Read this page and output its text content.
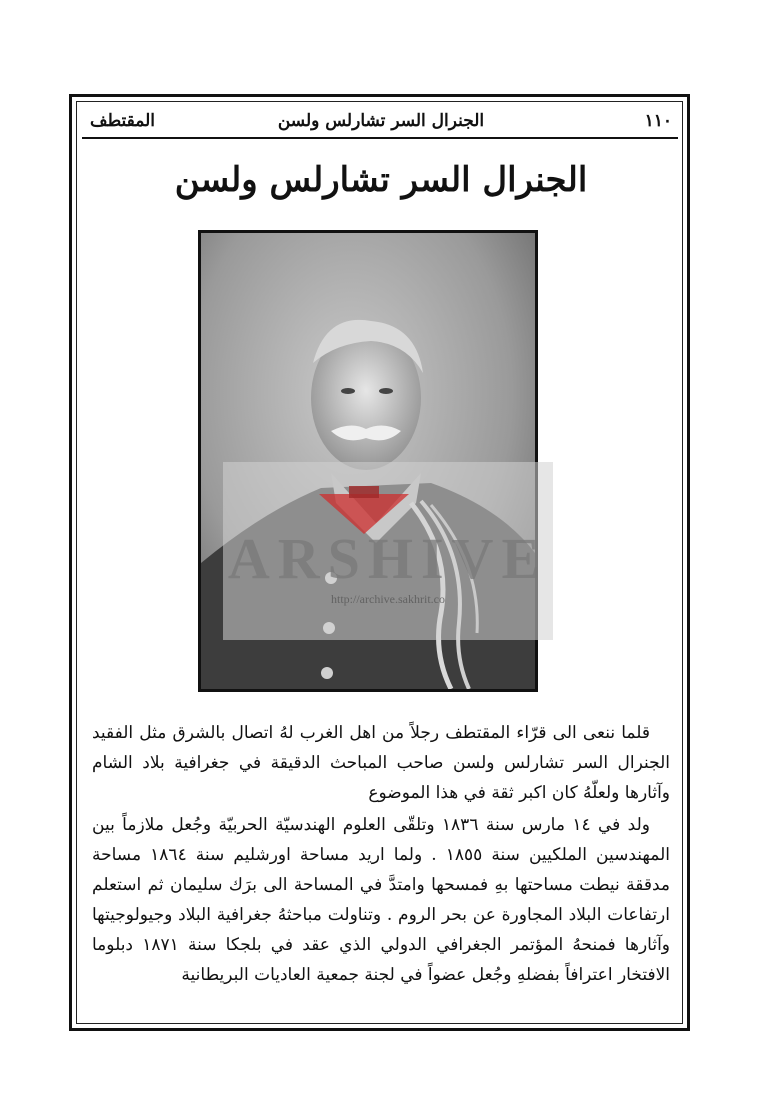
١١٠
الجنرال السر تشارلس ولسن
المقتطف
الجنرال السر تشارلس ولسن
ARSHIVE
http://archive.sakhrit.co

قلما ننعى الى قرّاء المقتطف رجلاً من اهل الغرب لهُ اتصال بالشرق مثل الفقيد الجنرال السر تشارلس ولسن صاحب المباحث الدقيقة في جغرافية بلاد الشام وآثارها ولعلّهُ كان اكبر ثقة في هذا الموضوع

ولد في ١٤ مارس سنة ١٨٣٦ وتلقّى العلوم الهندسيّة الحربيّة وجُعل ملازماً بين المهندسين الملكيين سنة ١٨٥٥ . ولما اريد مساحة اورشليم سنة ١٨٦٤ مساحة مدققة نيطت مساحتها بهِ فمسحها وامتدَّ في المساحة الى برَك سليمان ثم استعلم ارتفاعات البلاد المجاورة عن بحر الروم . وتناولت مباحثهُ جغرافية البلاد وجيولوجيتها وآثارها فمنحهُ المؤتمر الجغرافي الدولي الذي عقد في بلجكا سنة ١٨٧١ دبلوما الافتخار اعترافاً بفضلهِ وجُعل عضواً في لجنة جمعية العاديات البريطانية
